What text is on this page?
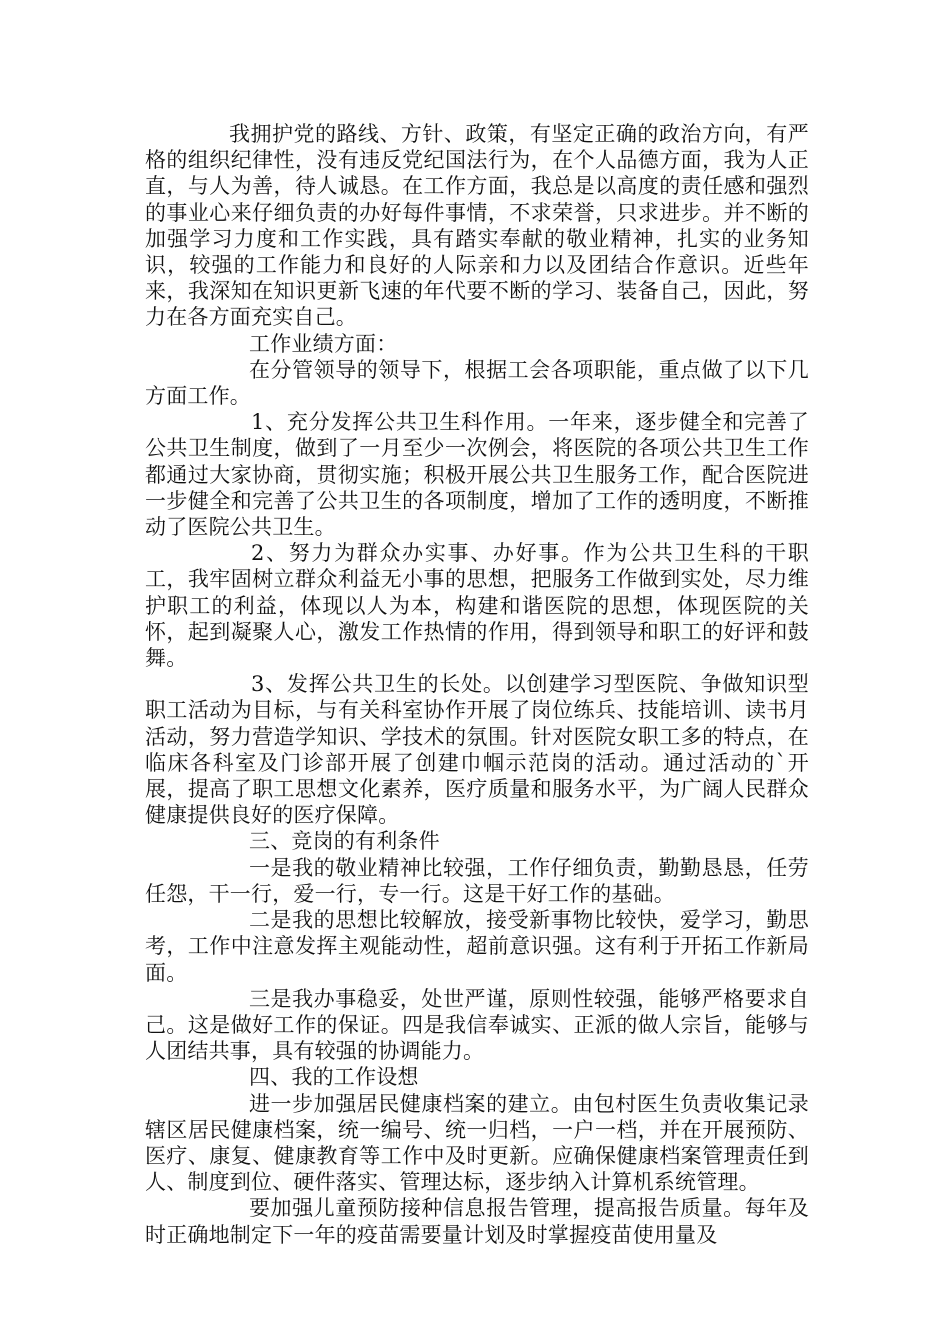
我拥护党的路线、方针、政策，有坚定正确的政治方向，有严格的组织纪律性，没有违反党纪国法行为，在个人品德方面，我为人正直，与人为善，待人诚恳。在工作方面，我总是以高度的责任感和强烈的事业心来仔细负责的办好每件事情，不求荣誉，只求进步。并不断的加强学习力度和工作实践，具有踏实奉献的敬业精神，扎实的业务知识，较强的工作能力和良好的人际亲和力以及团结合作意识。近些年来，我深知在知识更新飞速的年代要不断的学习、装备自己，因此，努力在各方面充实自己。

工作业绩方面：

在分管领导的领导下，根据工会各项职能，重点做了以下几方面工作。

1、充分发挥公共卫生科作用。一年来，逐步健全和完善了公共卫生制度，做到了一月至少一次例会，将医院的各项公共卫生工作都通过大家协商，贯彻实施；积极开展公共卫生服务工作，配合医院进一步健全和完善了公共卫生的各项制度，增加了工作的透明度，不断推动了医院公共卫生。

2、努力为群众办实事、办好事。作为公共卫生科的干职工，我牢固树立群众利益无小事的思想，把服务工作做到实处，尽力维护职工的利益，体现以人为本，构建和谐医院的思想，体现医院的关怀，起到凝聚人心，激发工作热情的作用，得到领导和职工的好评和鼓舞。

3、发挥公共卫生的长处。以创建学习型医院、争做知识型职工活动为目标，与有关科室协作开展了岗位练兵、技能培训、读书月活动，努力营造学知识、学技术的氛围。针对医院女职工多的特点，在临床各科室及门诊部开展了创建巾帼示范岗的活动。通过活动的`开展，提高了职工思想文化素养，医疗质量和服务水平，为广阔人民群众健康提供良好的医疗保障。

三、竞岗的有利条件

一是我的敬业精神比较强，工作仔细负责，勤勤恳恳，任劳任怨，干一行，爱一行，专一行。这是干好工作的基础。

二是我的思想比较解放，接受新事物比较快，爱学习，勤思考，工作中注意发挥主观能动性，超前意识强。这有利于开拓工作新局面。

三是我办事稳妥，处世严谨，原则性较强，能够严格要求自己。这是做好工作的保证。四是我信奉诚实、正派的做人宗旨，能够与人团结共事，具有较强的协调能力。

四、我的工作设想

进一步加强居民健康档案的建立。由包村医生负责收集记录辖区居民健康档案，统一编号、统一归档，一户一档，并在开展预防、医疗、康复、健康教育等工作中及时更新。应确保健康档案管理责任到人、制度到位、硬件落实、管理达标，逐步纳入计算机系统管理。

要加强儿童预防接种信息报告管理，提高报告质量。每年及时正确地制定下一年的疫苗需要量计划及时掌握疫苗使用量及
